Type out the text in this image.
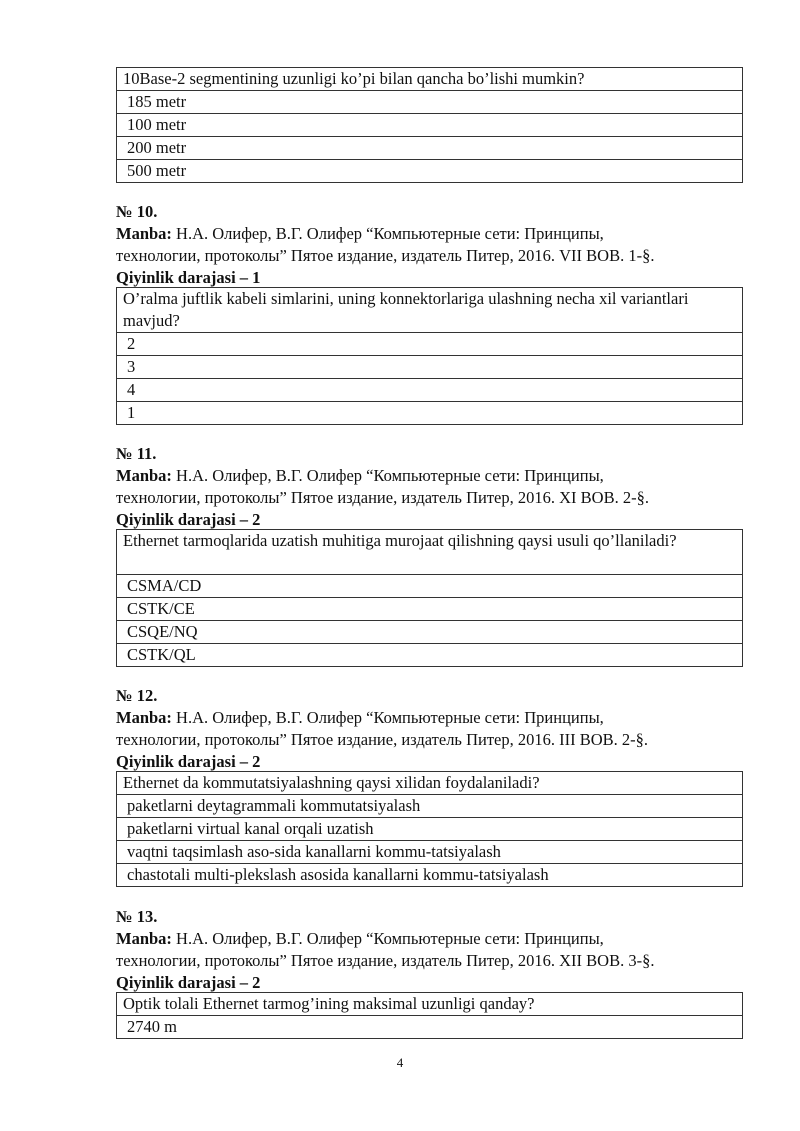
10Base-2 segmentining uzunligi ko’pi bilan qancha bo’lishi mumkin?
185 metr
100 metr
200 metr
500 metr
№ 10.
Manba: Н.А. Олифер, В.Г. Олифер “Компьютерные сети: Принципы,
технологии, протоколы” Пятое издание, издатель Питер, 2016. VII BOB. 1-§.
Qiyinlik darajasi – 1
O’ralma juftlik kabeli simlarini, uning konnektorlariga ulashning necha xil variantlari mavjud?
2
3
4
1
№ 11.
Manba: Н.А. Олифер, В.Г. Олифер “Компьютерные сети: Принципы,
технологии, протоколы” Пятое издание, издатель Питер, 2016. XI BOB. 2-§.
Qiyinlik darajasi – 2
Ethernet tarmoqlarida uzatish muhitiga murojaat qilishning qaysi usuli qo’llaniladi?
CSMA/CD
CSTK/CE
CSQE/NQ
CSTK/QL
№ 12.
Manba: Н.А. Олифер, В.Г. Олифер “Компьютерные сети: Принципы,
технологии, протоколы” Пятое издание, издатель Питер, 2016. III BOB. 2-§.
Qiyinlik darajasi – 2
Ethernet da kommutatsiyalashning qaysi xilidan foydalaniladi?
paketlarni deytagrammali kommutatsiyalash
paketlarni virtual kanal orqali uzatish
vaqtni taqsimlash aso-sida kanallarni kommu-tatsiyalash
chastotali multi-plekslash asosida kanallarni kommu-tatsiyalash
№ 13.
Manba: Н.А. Олифер, В.Г. Олифер “Компьютерные сети: Принципы,
технологии, протоколы” Пятое издание, издатель Питер, 2016. XII BOB. 3-§.
Qiyinlik darajasi – 2
Optik tolali Ethernet tarmog’ining maksimal uzunligi qanday?
2740 m
4
